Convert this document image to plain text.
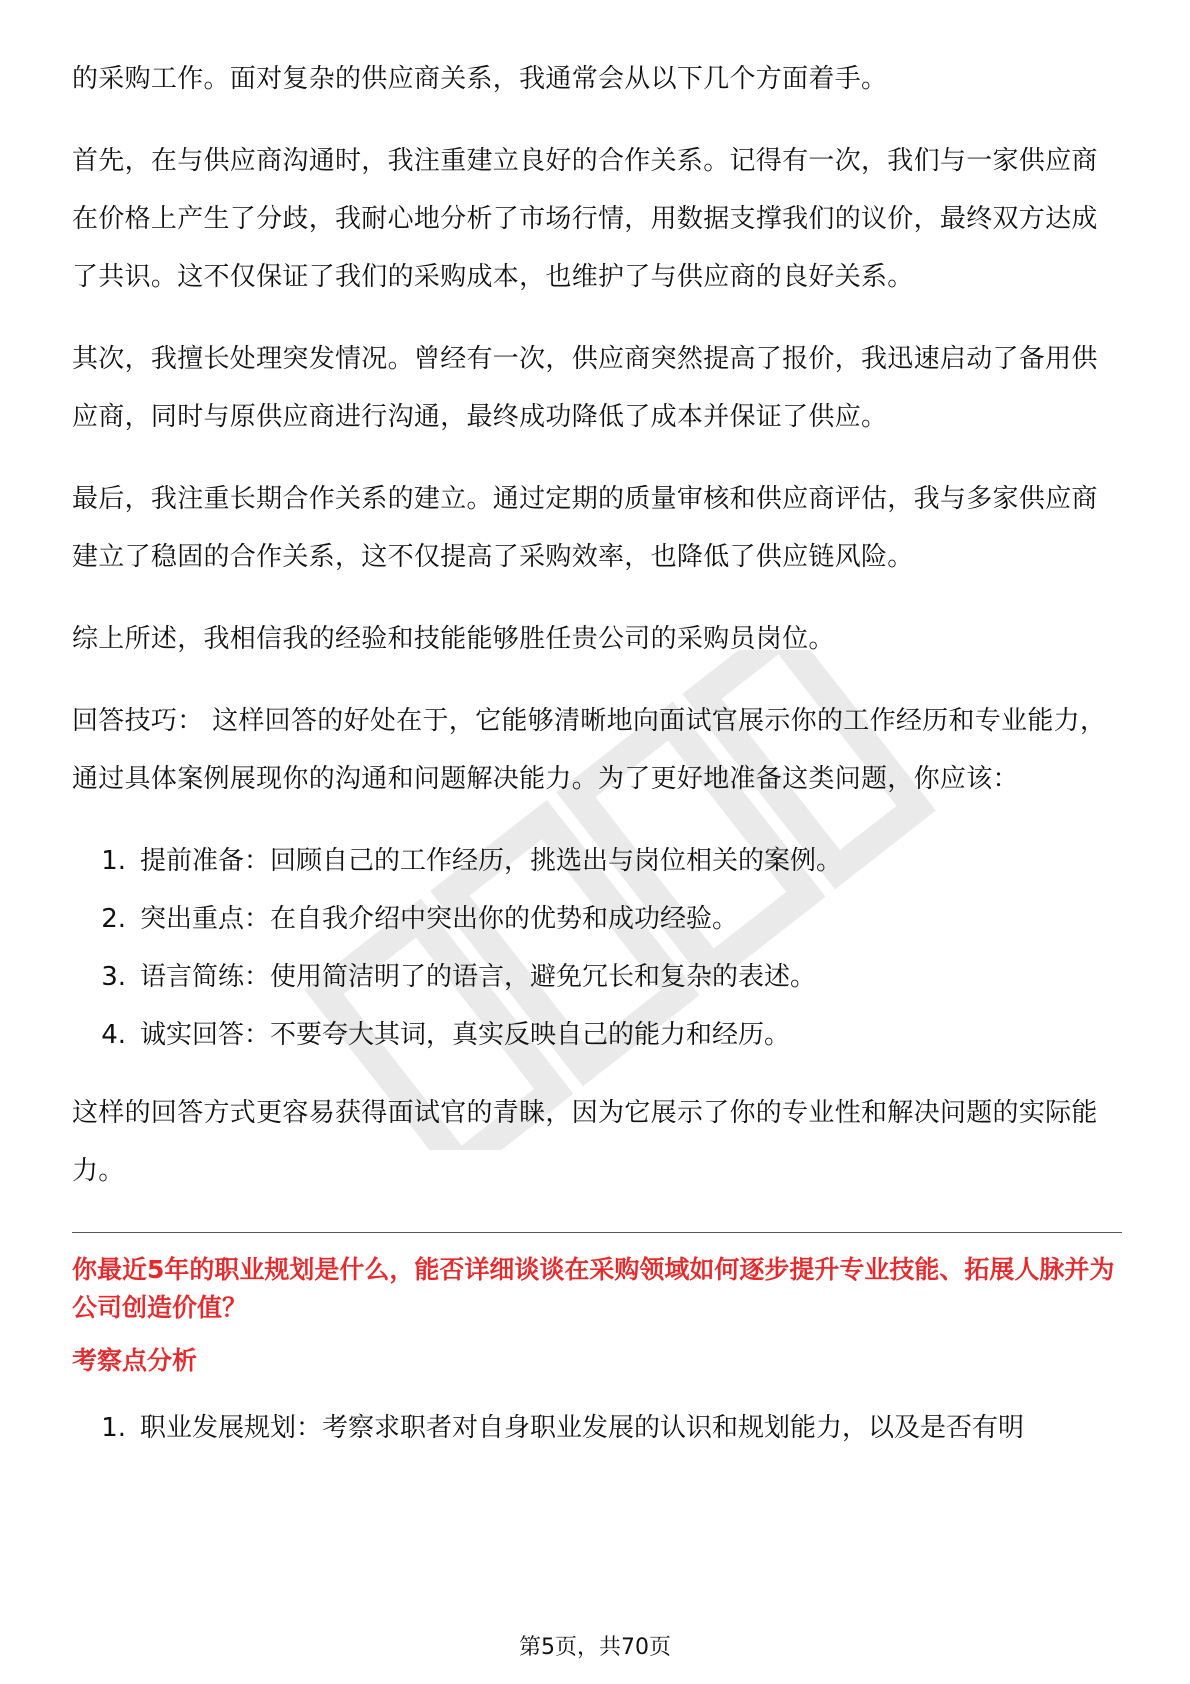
的采购工作。面对复杂的供应商关系，我通常会从以下几个方面着手。

首先，在与供应商沟通时，我注重建立良好的合作关系。记得有一次，我们与一家供应商在价格上产生了分歧，我耐心地分析了市场行情，用数据支撑我们的议价，最终双方达成了共识。这不仅保证了我们的采购成本，也维护了与供应商的良好关系。

其次，我擅长处理突发情况。曾经有一次，供应商突然提高了报价，我迅速启动了备用供应商，同时与原供应商进行沟通，最终成功降低了成本并保证了供应。

最后，我注重长期合作关系的建立。通过定期的质量审核和供应商评估，我与多家供应商建立了稳固的合作关系，这不仅提高了采购效率，也降低了供应链风险。

综上所述，我相信我的经验和技能能够胜任贵公司的采购员岗位。

回答技巧： 这样回答的好处在于，它能够清晰地向面试官展示你的工作经历和专业能力，通过具体案例展现你的沟通和问题解决能力。为了更好地准备这类问题，你应该：

1. 提前准备：回顾自己的工作经历，挑选出与岗位相关的案例。
2. 突出重点：在自我介绍中突出你的优势和成功经验。
3. 语言简练：使用简洁明了的语言，避免冗长和复杂的表述。
4. 诚实回答：不要夸大其词，真实反映自己的能力和经历。

这样的回答方式更容易获得面试官的青睐，因为它展示了你的专业性和解决问题的实际能力。

你最近5年的职业规划是什么，能否详细谈谈在采购领域如何逐步提升专业技能、拓展人脉并为公司创造价值？

考察点分析

1. 职业发展规划：考察求职者对自身职业发展的认识和规划能力，以及是否有明
第5页，共70页
